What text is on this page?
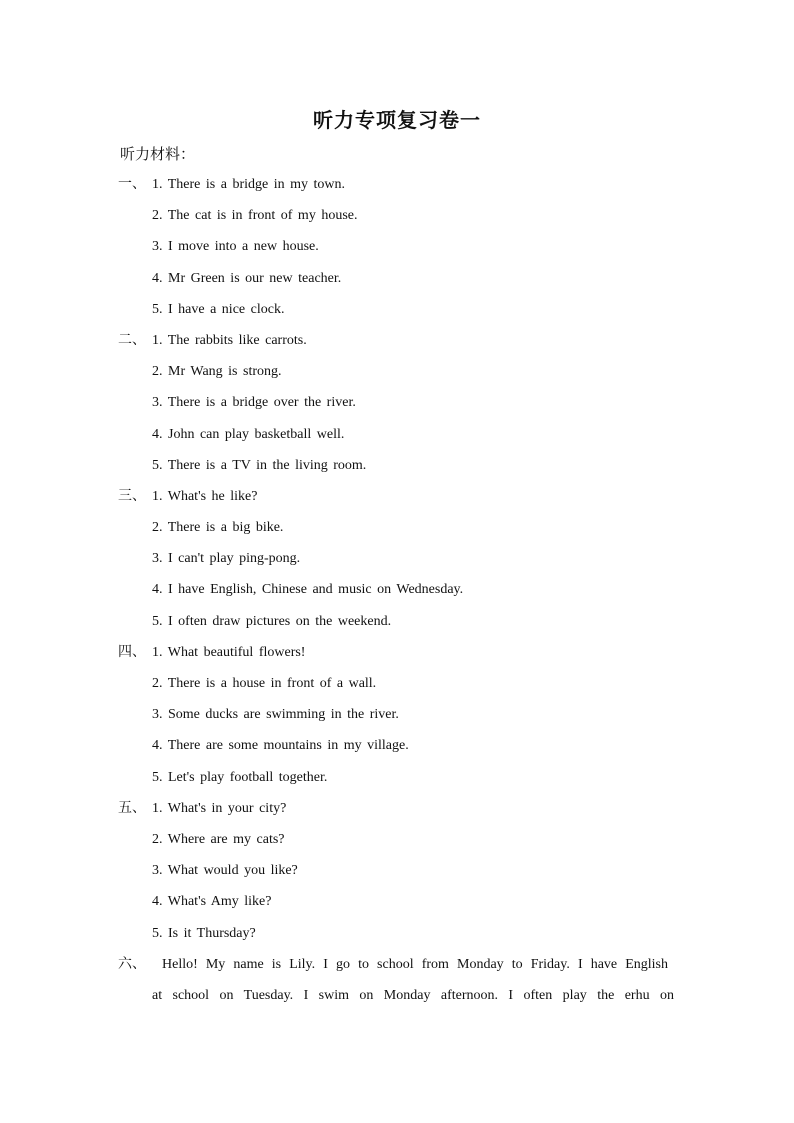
听力专项复习卷一
听力材料：
一、 1. There is a bridge in my town.
2. The cat is in front of my house.
3. I move into a new house.
4. Mr Green is our new teacher.
5. I have a nice clock.
二、 1. The rabbits like carrots.
2. Mr Wang is strong.
3. There is a bridge over the river.
4. John can play basketball well.
5. There is a TV in the living room.
三、 1. What's he like?
2. There is a big bike.
3. I can't play ping-pong.
4. I have English, Chinese and music on Wednesday.
5. I often draw pictures on the weekend.
四、 1. What beautiful flowers!
2. There is a house in front of a wall.
3. Some ducks are swimming in the river.
4. There are some mountains in my village.
5. Let's play football together.
五、 1. What's in your city?
2. Where are my cats?
3. What would you like?
4. What's Amy like?
5. Is it Thursday?
六、 Hello! My name is Lily. I go to school from Monday to Friday. I have English
at school on Tuesday. I swim on Monday afternoon. I often play the erhu on
